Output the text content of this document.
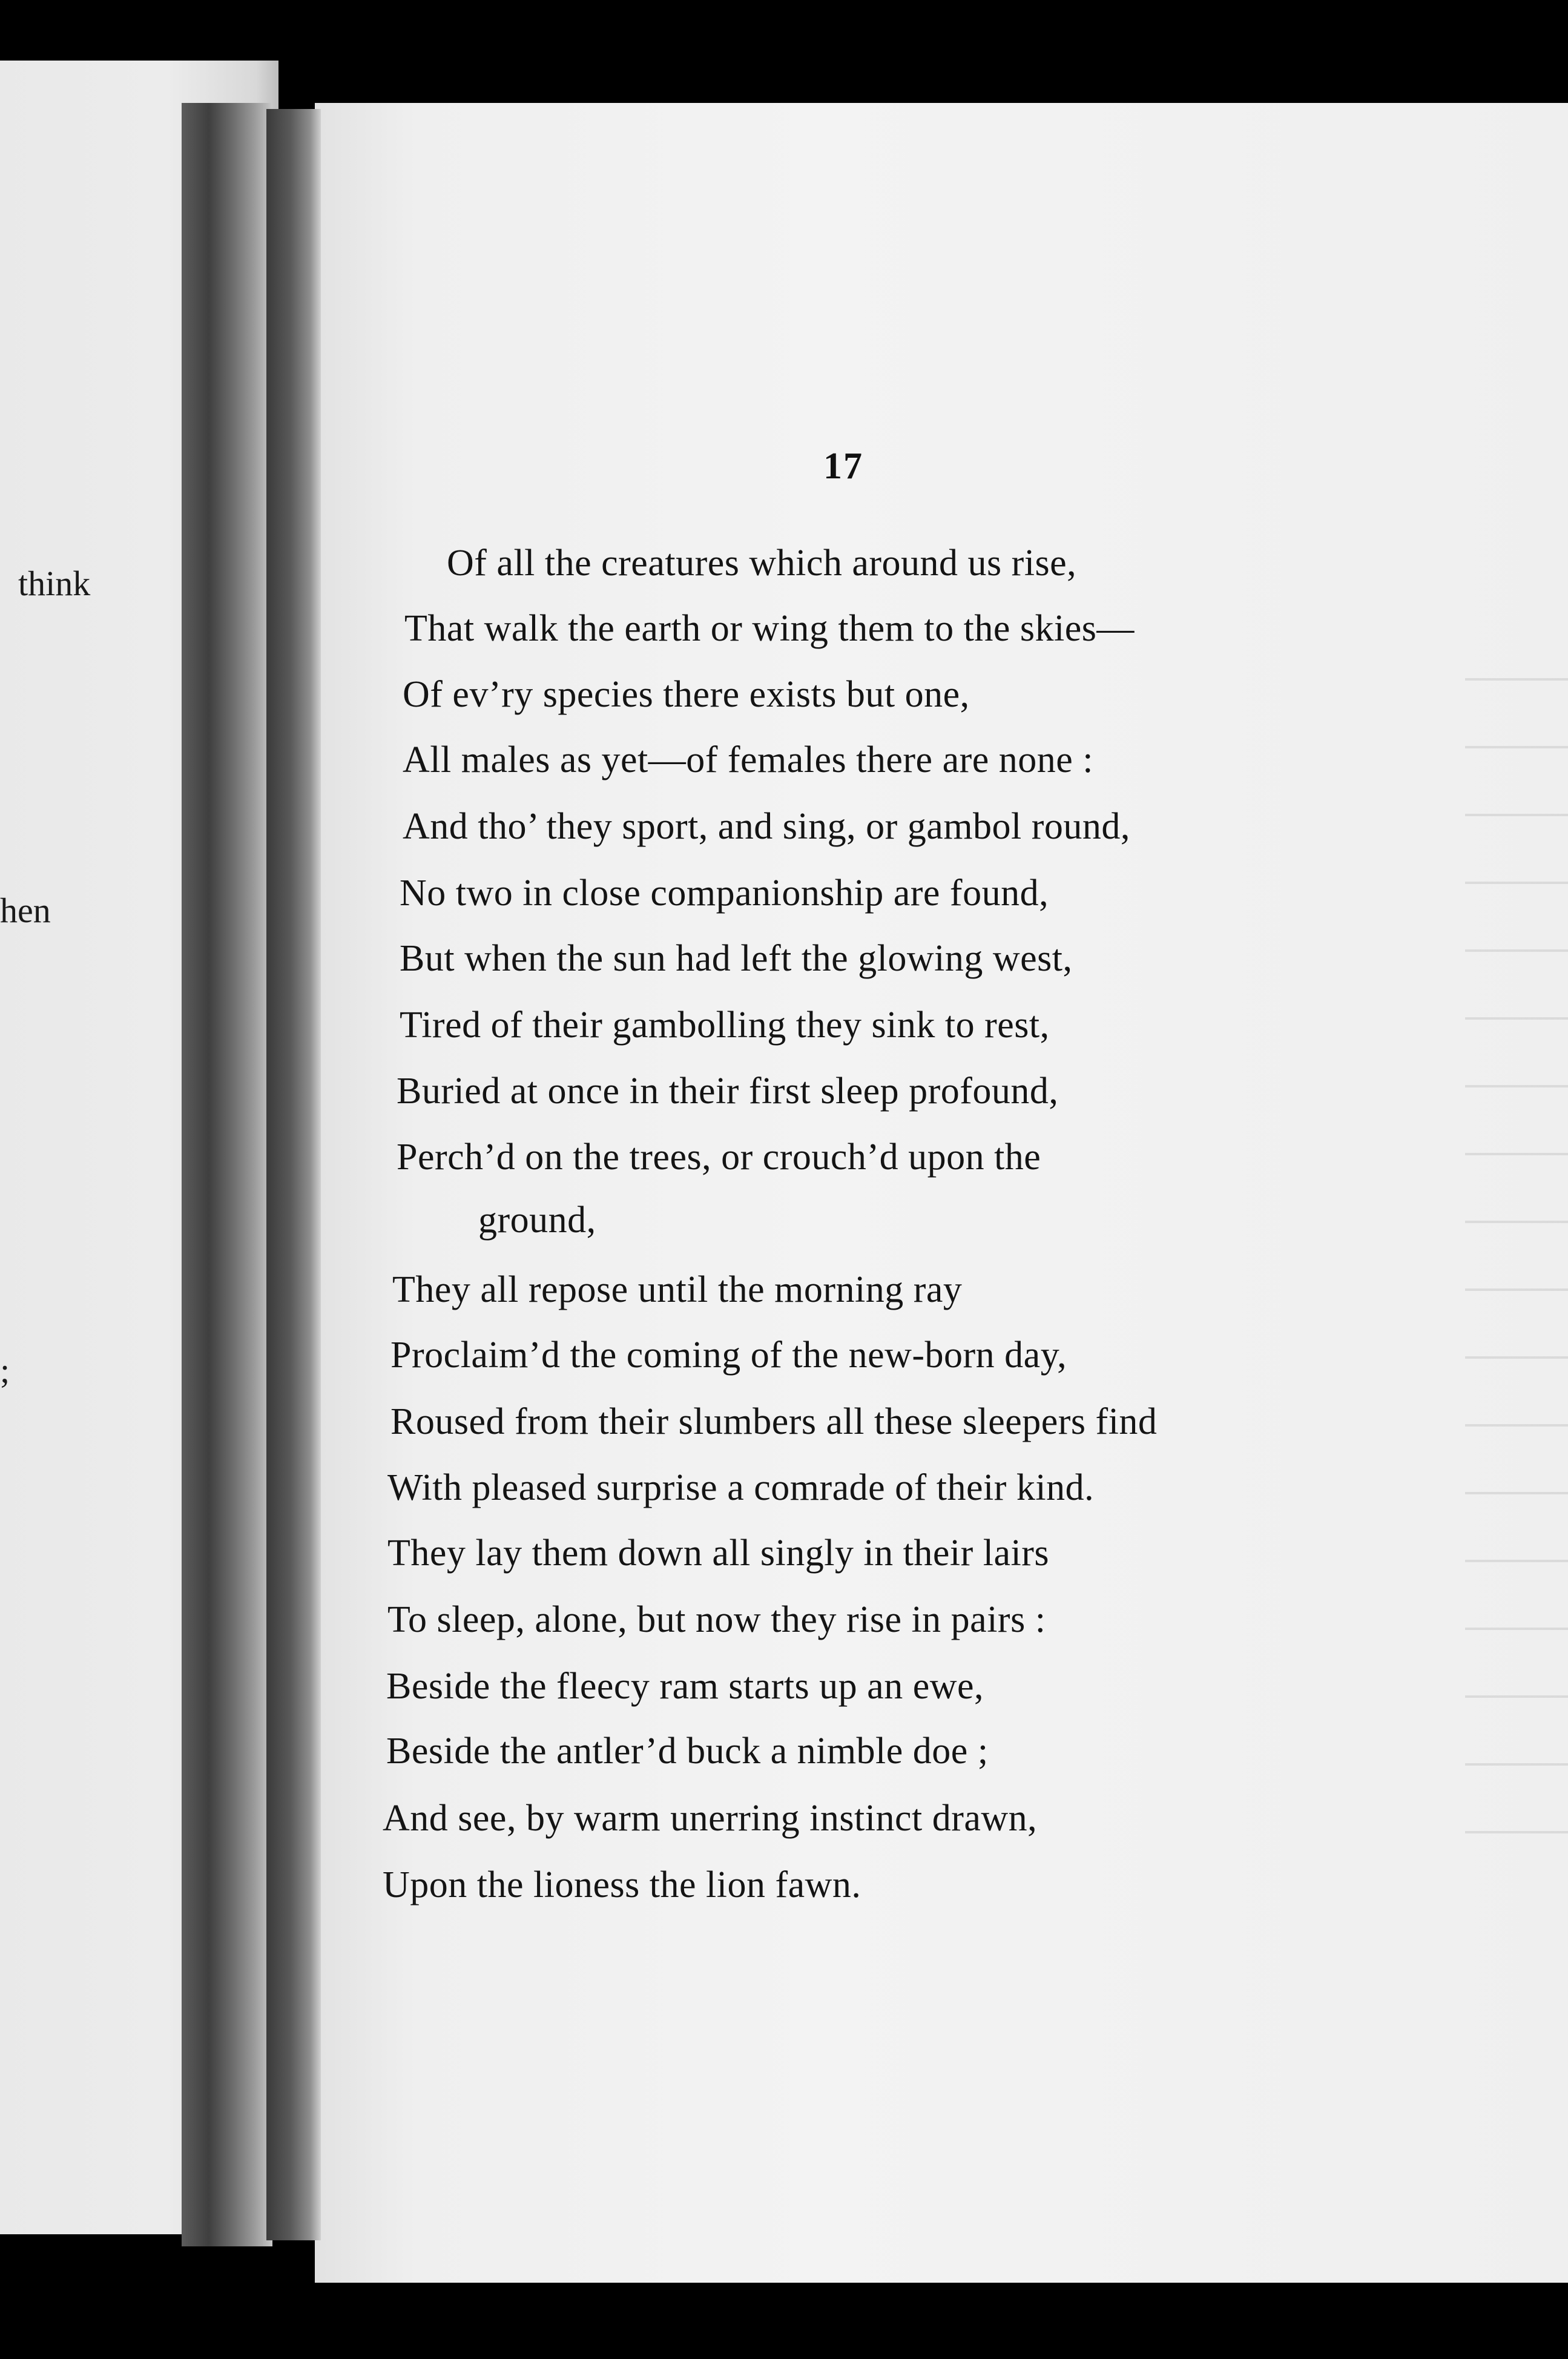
think
hen
;
17
Of all the creatures which around us rise,
That walk the earth or wing them to the skies—
Of ev’ry species there exists but one,
All males as yet—of females there are none :
And tho’ they sport, and sing, or gambol round,
No two in close companionship are found,
But when the sun had left the glowing west,
Tired of their gambolling they sink to rest,
Buried at once in their first sleep profound,
Perch’d on the trees, or crouch’d upon the
ground,
They all repose until the morning ray
Proclaim’d the coming of the new-born day,
Roused from their slumbers all these sleepers find
With pleased surprise a comrade of their kind.
They lay them down all singly in their lairs
To sleep, alone, but now they rise in pairs :
Beside the fleecy ram starts up an ewe,
Beside the antler’d buck a nimble doe ;
And see, by warm unerring instinct drawn,
Upon the lioness the lion fawn.
